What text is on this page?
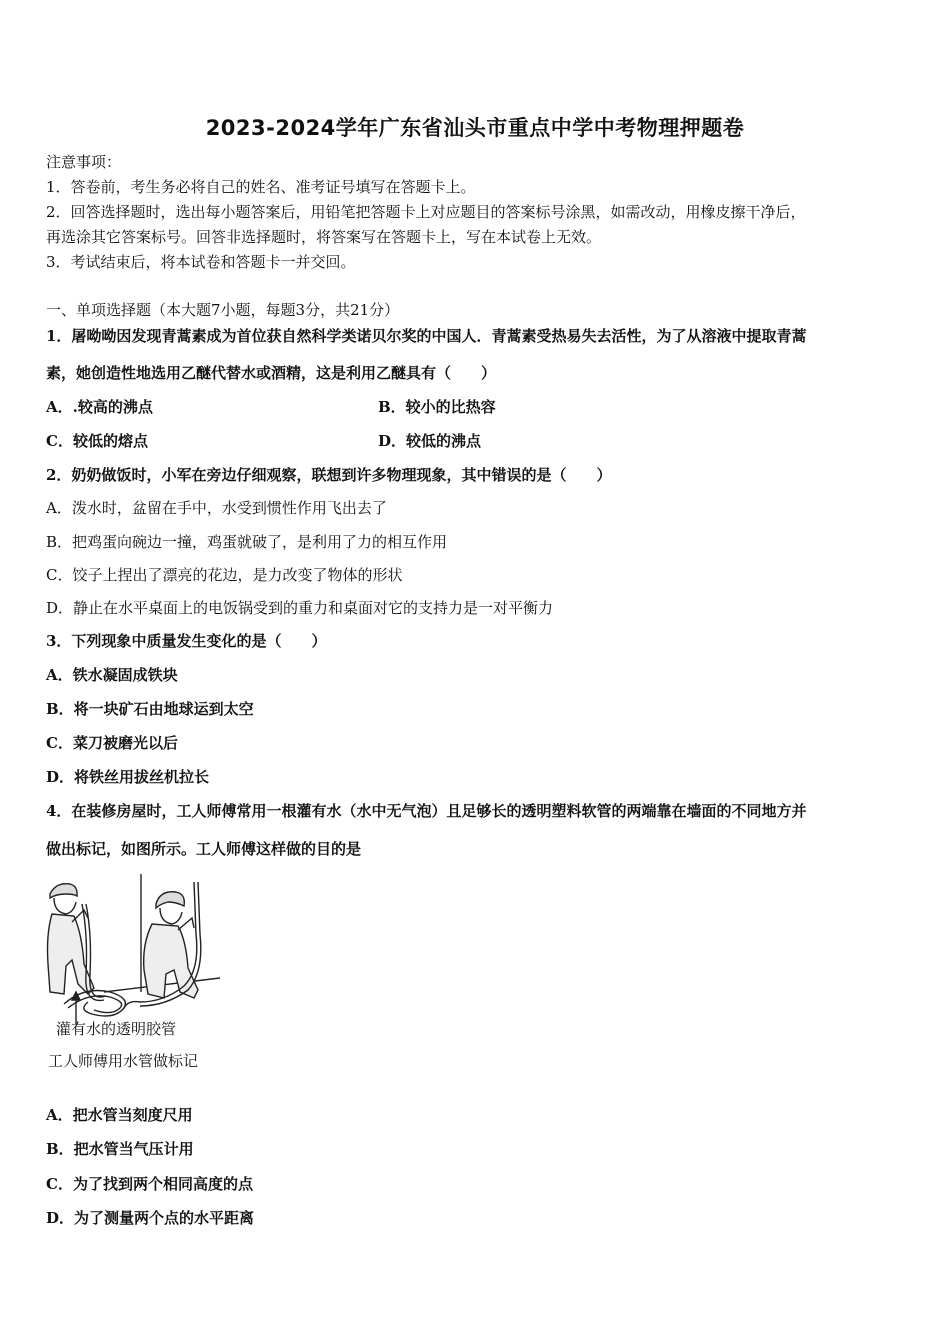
2023-2024学年广东省汕头市重点中学中考物理押题卷
注意事项：
1．答卷前，考生务必将自己的姓名、准考证号填写在答题卡上。
2．回答选择题时，选出每小题答案后，用铅笔把答题卡上对应题目的答案标号涂黑，如需改动，用橡皮擦干净后，
再选涂其它答案标号。回答非选择题时，将答案写在答题卡上，写在本试卷上无效。
3．考试结束后，将本试卷和答题卡一并交回。
一、单项选择题（本大题7小题，每题3分，共21分）
1．屠呦呦因发现青蒿素成为首位获自然科学类诺贝尔奖的中国人．青蒿素受热易失去活性，为了从溶液中提取青蒿
素，她创造性地选用乙醚代替水或酒精，这是利用乙醚具有（　　）
A．.较高的沸点	B．较小的比热容
C．较低的熔点	D．较低的沸点
2．奶奶做饭时，小军在旁边仔细观察，联想到许多物理现象，其中错误的是（　　）
A．泼水时，盆留在手中，水受到惯性作用飞出去了
B．把鸡蛋向碗边一撞，鸡蛋就破了，是利用了力的相互作用
C．饺子上捏出了漂亮的花边，是力改变了物体的形状
D．静止在水平桌面上的电饭锅受到的重力和桌面对它的支持力是一对平衡力
3．下列现象中质量发生变化的是（　　）
A．铁水凝固成铁块
B．将一块矿石由地球运到太空
C．菜刀被磨光以后
D．将铁丝用拔丝机拉长
4．在装修房屋时，工人师傅常用一根灌有水（水中无气泡）且足够长的透明塑料软管的两端靠在墙面的不同地方并
做出标记，如图所示。工人师傅这样做的目的是
灌有水的透明胶管
工人师傅用水管做标记
A．把水管当刻度尺用
B．把水管当气压计用
C．为了找到两个相同高度的点
D．为了测量两个点的水平距离
